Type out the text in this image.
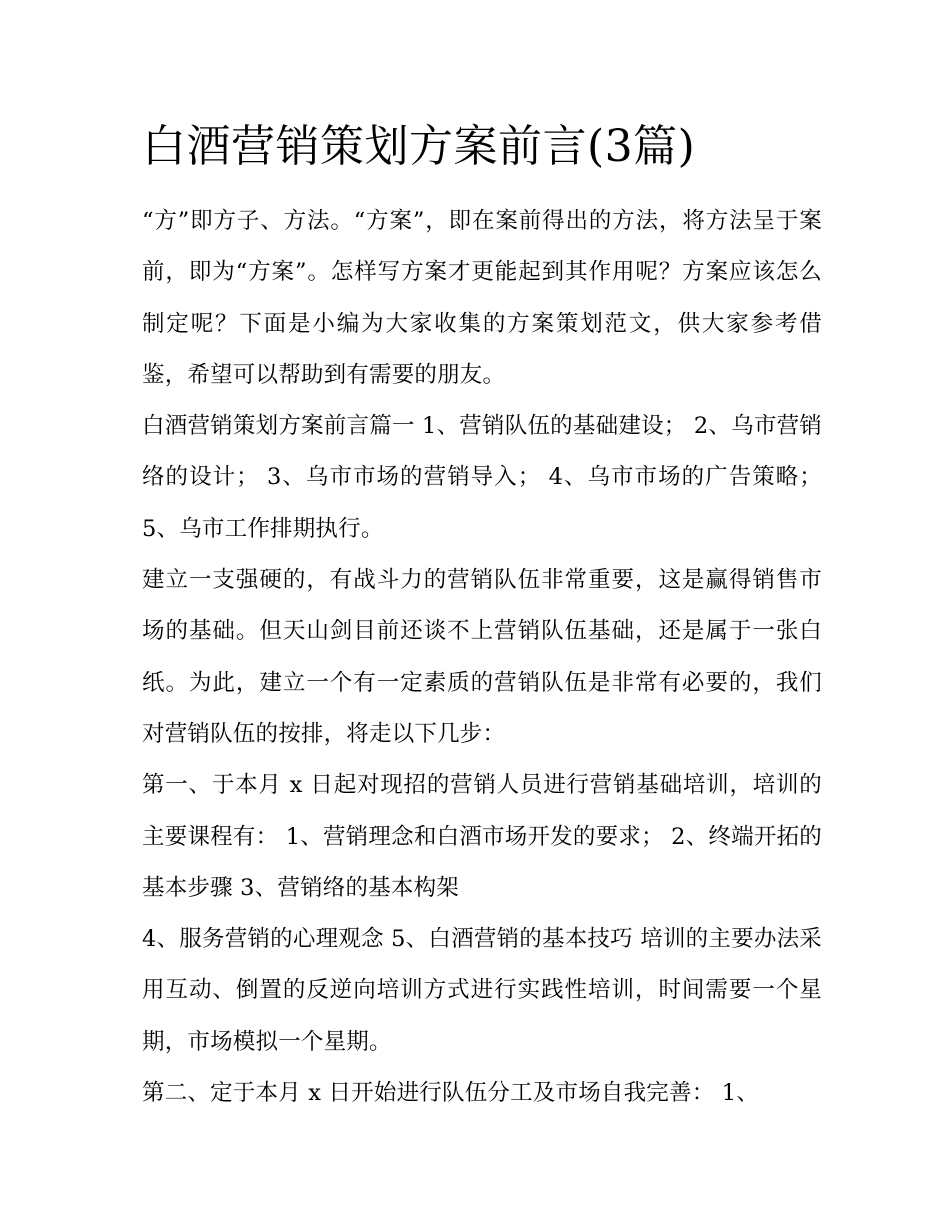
白酒营销策划方案前言(3篇)

“方”即方子、方法。“方案”，即在案前得出的方法，将方法呈于案前，即为“方案”。怎样写方案才更能起到其作用呢？方案应该怎么制定呢？下面是小编为大家收集的方案策划范文，供大家参考借鉴，希望可以帮助到有需要的朋友。

白酒营销策划方案前言篇一 1、营销队伍的基础建设； 2、乌市营销络的设计； 3、乌市市场的营销导入； 4、乌市市场的广告策略； 5、乌市工作排期执行。

建立一支强硬的，有战斗力的营销队伍非常重要，这是赢得销售市场的基础。但天山剑目前还谈不上营销队伍基础，还是属于一张白纸。为此，建立一个有一定素质的营销队伍是非常有必要的，我们对营销队伍的按排，将走以下几步：

第一、于本月 x 日起对现招的营销人员进行营销基础培训，培训的主要课程有： 1、营销理念和白酒市场开发的要求； 2、终端开拓的基本步骤 3、营销络的基本构架

4、服务营销的心理观念 5、白酒营销的基本技巧 培训的主要办法采用互动、倒置的反逆向培训方式进行实践性培训，时间需要一个星期，市场模拟一个星期。

第二、定于本月 x 日开始进行队伍分工及市场自我完善： 1、
